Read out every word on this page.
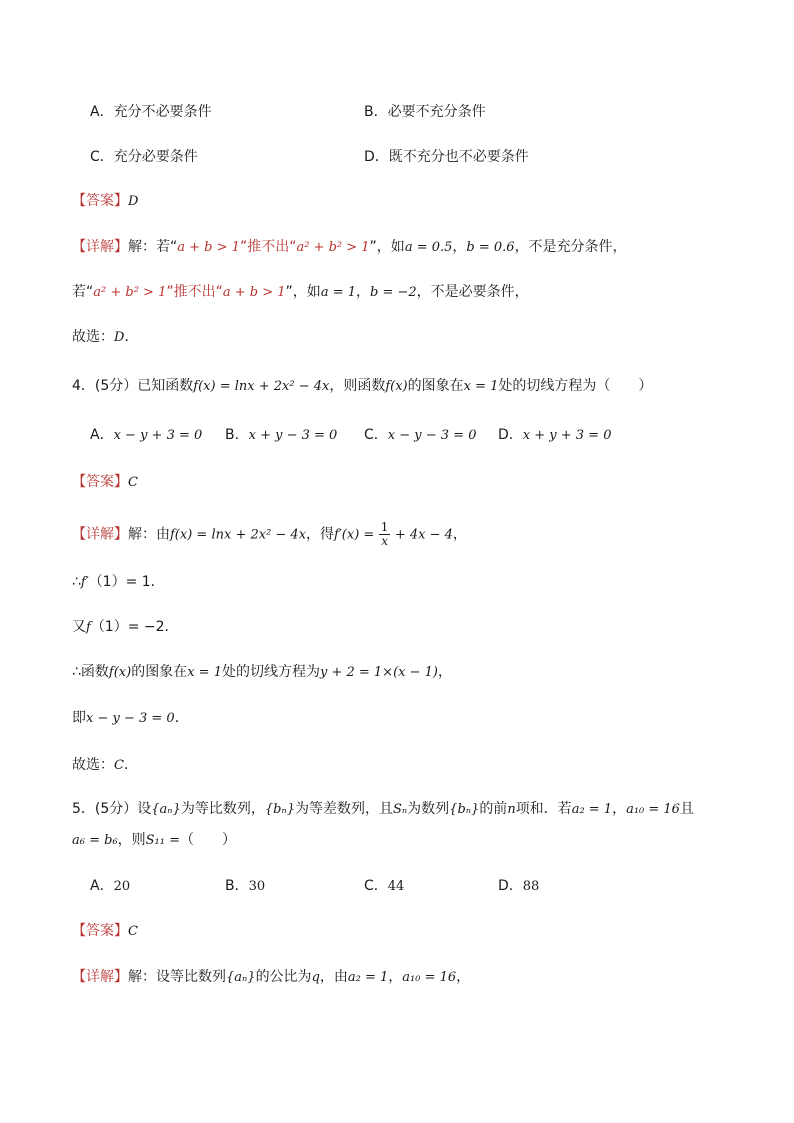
A．充分不必要条件	B．必要不充分条件
C．充分必要条件	D．既不充分也不必要条件
【答案】D
【详解】解：若“a + b > 1”推不出“a² + b² > 1”，如a = 0.5，b = 0.6，不是充分条件，
若“a² + b² > 1”推不出“a + b > 1”，如a = 1，b = −2，不是必要条件，
故选：D．
4．(5分）已知函数f(x) = lnx + 2x² − 4x，则函数f(x)的图象在x = 1处的切线方程为（　　）
A．x − y + 3 = 0 B．x + y − 3 = 0 C．x − y − 3 = 0 D．x + y + 3 = 0
【答案】C
【详解】解：由f(x) = lnx + 2x² − 4x，得$f'(x) = \frac{1}{x} + 4x - 4$，
∴f′（1）= 1．
又f（1）= −2．
∴函数f(x)的图象在x = 1处的切线方程为y + 2 = 1×(x − 1)，
即x − y − 3 = 0．
故选：C．
5．(5分）设{aₙ}为等比数列，{bₙ}为等差数列，且Sₙ为数列{bₙ}的前n项和．若a₂ = 1，a₁₀ = 16且
a₆ = b₆，则S₁₁ =（　　）
A．20	B．30	C．44	D．88
【答案】C
【详解】解：设等比数列{aₙ}的公比为q，由a₂ = 1，a₁₀ = 16，
